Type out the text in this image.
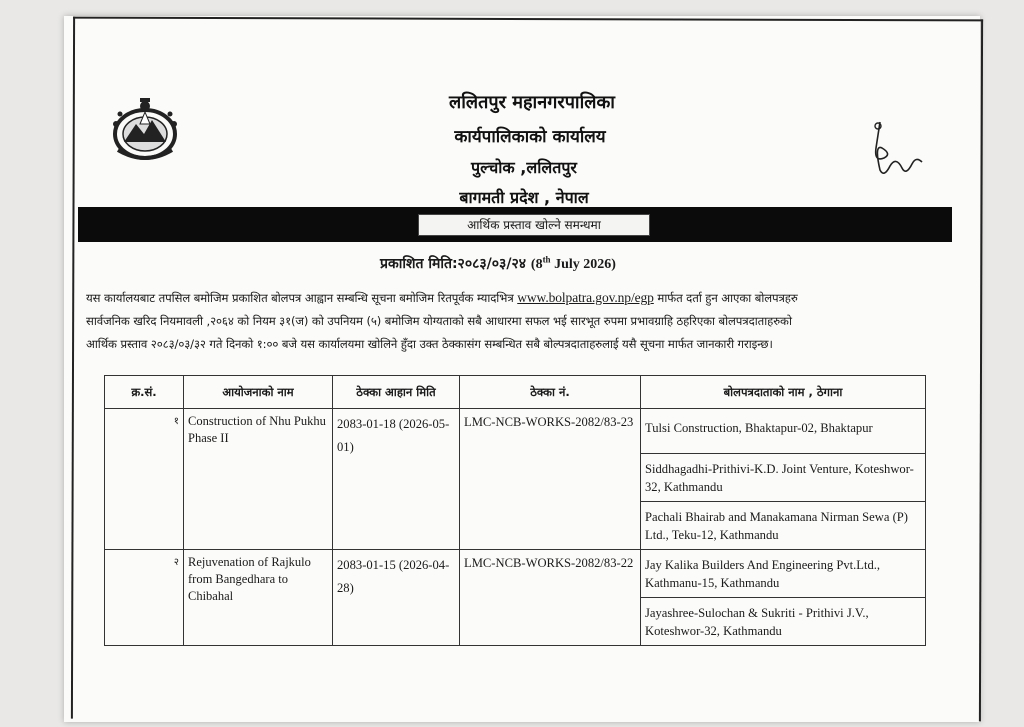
ललितपुर महानगरपालिका
कार्यपालिकाको कार्यालय
पुल्चोक ,ललितपुर
बागमती प्रदेश , नेपाल
आर्थिक प्रस्ताव खोल्ने समन्धमा
प्रकाशित मिति:२०८३/०३/२४ (8th July 2026)
यस कार्यालयबाट तपसिल बमोजिम प्रकाशित बोलपत्र आह्वान सम्बन्धि सूचना बमोजिम रितपूर्वक म्यादभित्र www.bolpatra.gov.np/egp मार्फत दर्ता हुन आएका बोलपत्रहरु
सार्वजनिक खरिद नियमावली ,२०६४ को नियम ३१(ज) को उपनियम (५) बमोजिम योग्यताको सबै आधारमा सफल भई सारभूत रुपमा प्रभावग्राहि ठहरिएका बोलपत्रदाताहरुको
आर्थिक प्रस्ताव २०८३/०३/३२ गते दिनको १:०० बजे यस कार्यालयमा खोलिने हुँदा उक्त ठेक्कासंग सम्बन्धित सबै बोल्पत्रदाताहरुलाई यसै सूचना मार्फत जानकारी गराइन्छ।
क्र.सं.	आयोजनाको नाम	ठेक्का आहान मिति	ठेक्का नं.	बोलपत्रदाताको नाम , ठेगाना
१	Construction of Nhu Pukhu Phase II	2083-01-18 (2026-05-01)	LMC-NCB-WORKS-2082/83-23	Tulsi Construction, Bhaktapur-02, Bhaktapur
Siddhagadhi-Prithivi-K.D. Joint Venture, Koteshwor-32, Kathmandu
Pachali Bhairab and Manakamana Nirman Sewa (P) Ltd., Teku-12, Kathmandu

२	Rejuvenation of Rajkulo from Bangedhara to Chibahal	2083-01-15 (2026-04-28)	LMC-NCB-WORKS-2082/83-22	Jay Kalika Builders And Engineering Pvt.Ltd., Kathmanu-15, Kathmandu
Jayashree-Sulochan & Sukriti - Prithivi J.V., Koteshwor-32, Kathmandu
